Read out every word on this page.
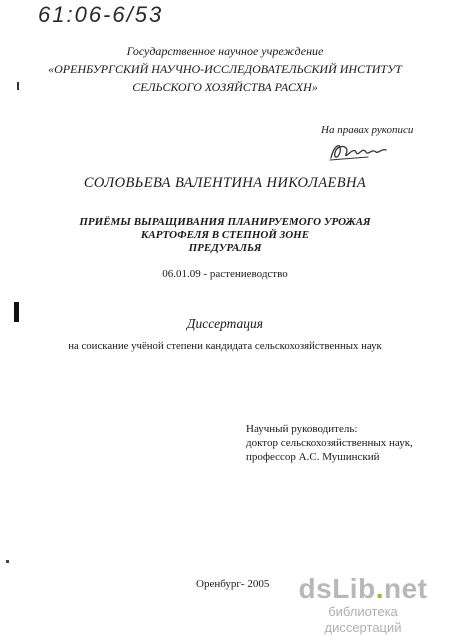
61:06-6/53
Государственное научное учреждение
«ОРЕНБУРГСКИЙ НАУЧНО-ИССЛЕДОВАТЕЛЬСКИЙ ИНСТИТУТ
СЕЛЬСКОГО ХОЗЯЙСТВА РАСХН»
На правах рукописи
СОЛОВЬЕВА ВАЛЕНТИНА НИКОЛАЕВНА
ПРИЁМЫ ВЫРАЩИВАНИЯ ПЛАНИРУЕМОГО УРОЖАЯ
КАРТОФЕЛЯ В СТЕПНОЙ ЗОНЕ
ПРЕДУРАЛЬЯ
06.01.09 - растениеводство
Диссертация
на соискание учёной степени кандидата сельскохозяйственных наук
Научный руководитель:
доктор сельскохозяйственных наук,
профессор А.С. Мушинский
Оренбург- 2005	dsLib.net
библиотека диссертаций
